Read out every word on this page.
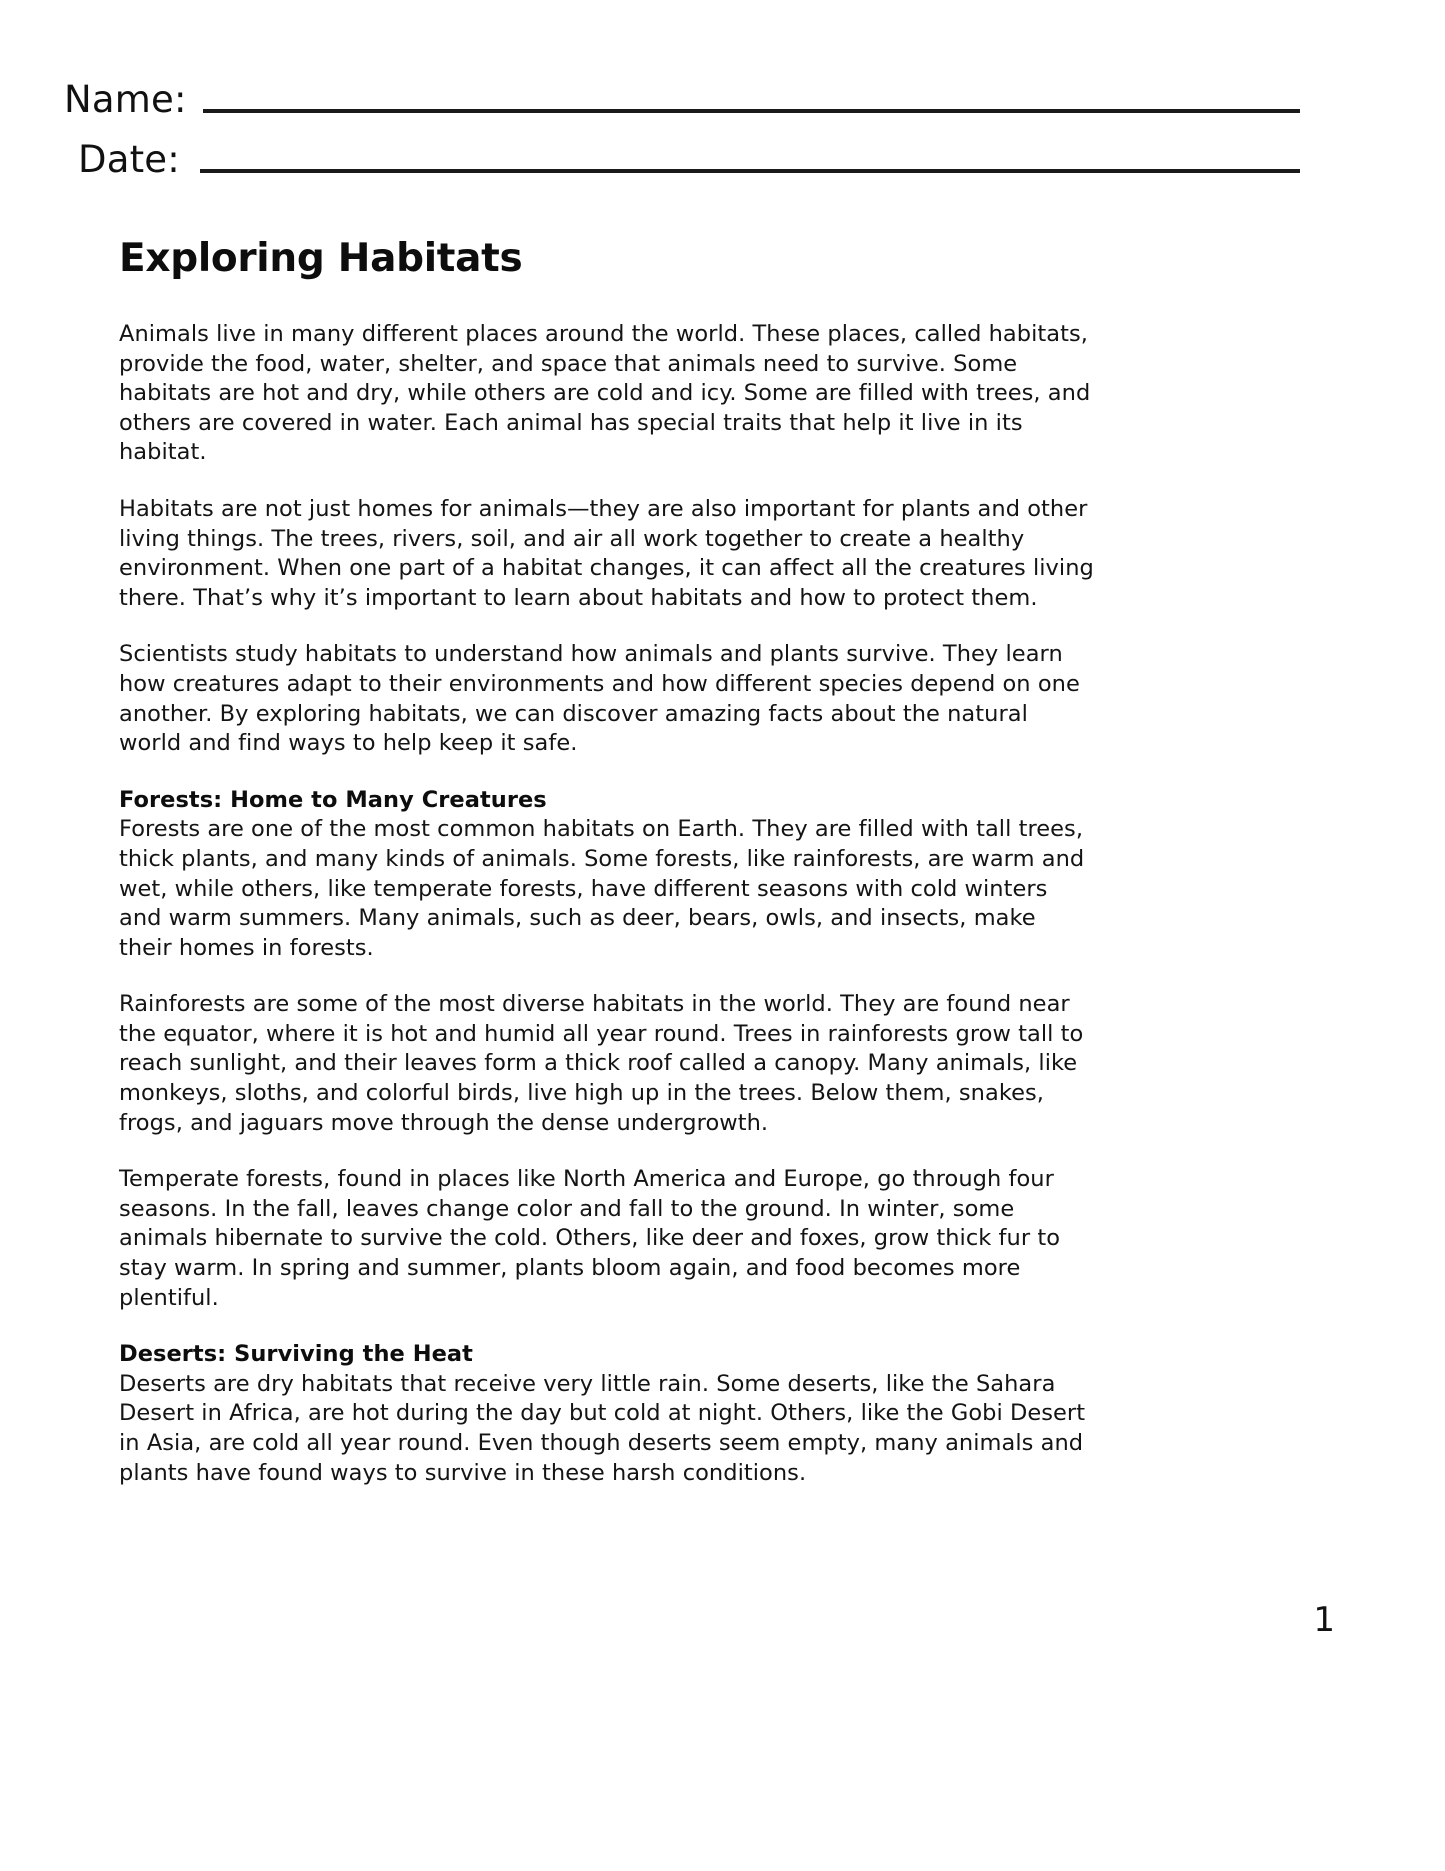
Name:
Date:
Exploring Habitats

Animals live in many different places around the world. These places, called habitats, provide the food, water, shelter, and space that animals need to survive. Some habitats are hot and dry, while others are cold and icy. Some are filled with trees, and others are covered in water. Each animal has special traits that help it live in its habitat.

Habitats are not just homes for animals—they are also important for plants and other living things. The trees, rivers, soil, and air all work together to create a healthy environment. When one part of a habitat changes, it can affect all the creatures living there. That’s why it’s important to learn about habitats and how to protect them.

Scientists study habitats to understand how animals and plants survive. They learn how creatures adapt to their environments and how different species depend on one another. By exploring habitats, we can discover amazing facts about the natural world and find ways to help keep it safe.

Forests: Home to Many Creatures

Forests are one of the most common habitats on Earth. They are filled with tall trees, thick plants, and many kinds of animals. Some forests, like rainforests, are warm and wet, while others, like temperate forests, have different seasons with cold winters and warm summers. Many animals, such as deer, bears, owls, and insects, make their homes in forests.

Rainforests are some of the most diverse habitats in the world. They are found near the equator, where it is hot and humid all year round. Trees in rainforests grow tall to reach sunlight, and their leaves form a thick roof called a canopy. Many animals, like monkeys, sloths, and colorful birds, live high up in the trees. Below them, snakes, frogs, and jaguars move through the dense undergrowth.

Temperate forests, found in places like North America and Europe, go through four seasons. In the fall, leaves change color and fall to the ground. In winter, some animals hibernate to survive the cold. Others, like deer and foxes, grow thick fur to stay warm. In spring and summer, plants bloom again, and food becomes more plentiful.

Deserts: Surviving the Heat

Deserts are dry habitats that receive very little rain. Some deserts, like the Sahara Desert in Africa, are hot during the day but cold at night. Others, like the Gobi Desert in Asia, are cold all year round. Even though deserts seem empty, many animals and plants have found ways to survive in these harsh conditions.

1
